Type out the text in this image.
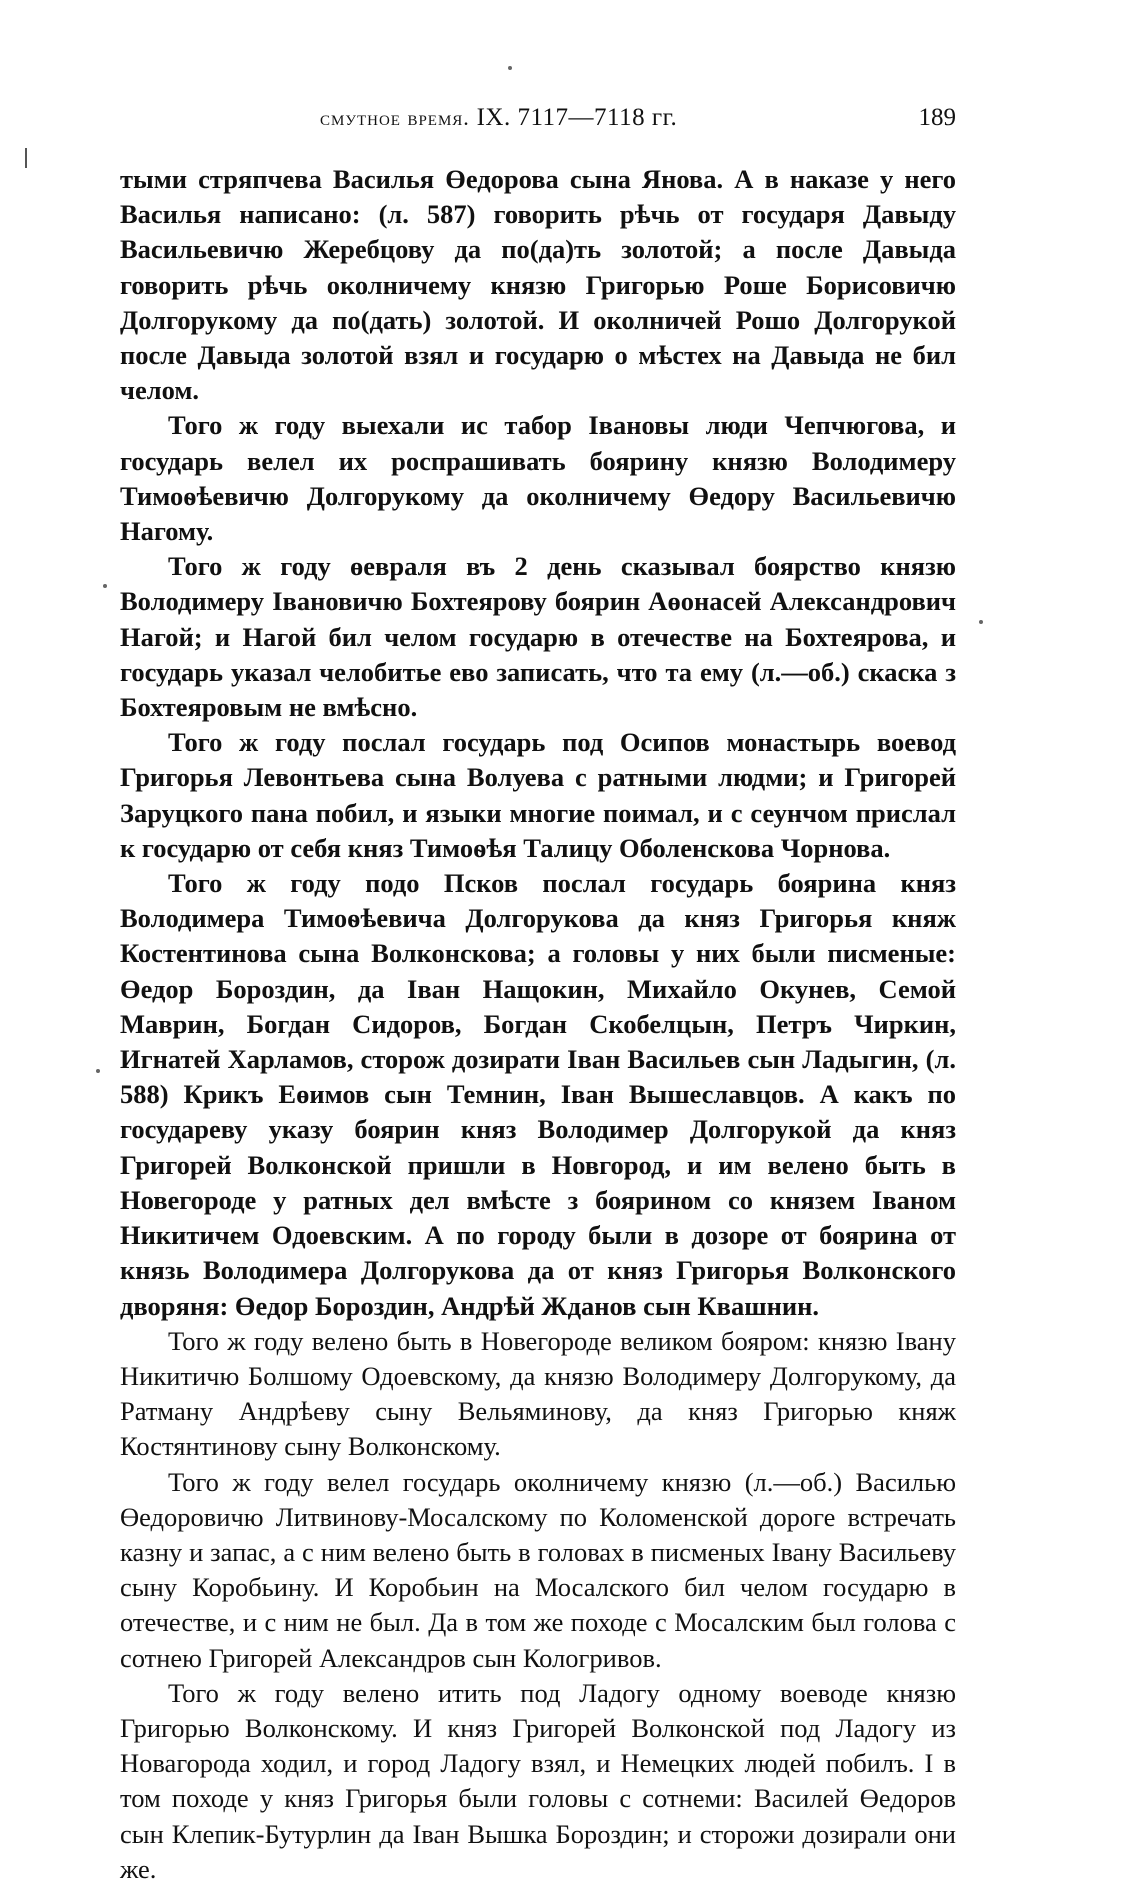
смутное время. IX. 7117—7118 гг.	189

тыми стряпчева Василья Өедорова сына Янова. А в наказе у него Василья написано: (л. 587) говорить рѣчь от государя Давыду Васильевичю Жеребцову да по(да)ть золотой; а после Давыда говорить рѣчь околничему князю Григорью Роше Борисовичю Долгорукому да по(дать) золотой. И околничей Рошо Долгорукой после Давыда золотой взял и государю о мѣстех на Давыда не бил челом.

Того ж году выехали ис табор Івановы люди Чепчюгова, и государь велел их роспрашивать боярину князю Володимеру Тимоѳѣевичю Долгорукому да околничему Өедору Васильевичю Нагому.

Того ж году өевраля въ 2 день сказывал боярство князю Володимеру Івановичю Бохтеярову боярин Аөонасей Александрович Нагой; и Нагой бил челом государю в отечестве на Бохтеярова, и государь указал челобитье ево записать, что та ему (л.—об.) скаска з Бохтеяровым не вмѣсно.

Того ж году послал государь под Осипов монастырь воевод Григорья Левонтьева сына Волуева с ратными людми; и Григорей Заруцкого пана побил, и языки многие поимал, и с сеунчом прислал к государю от себя княз Тимоѳѣя Талицу Оболенскова Чорнова.

Того ж году подо Псков послал государь боярина княз Володимера Тимоѳѣевича Долгорукова да княз Григорья княж Костентинова сына Волконскова; а головы у них были писменые: Өедор Бороздин, да Іван Нащокин, Михайло Окунев, Семой Маврин, Богдан Сидоров, Богдан Скобелцын, Петръ Чиркин, Игнатей Харламов, сторож дозирати Іван Васильев сын Ладыгин, (л. 588) Крикъ Еөимов сын Темнин, Іван Вышеславцов. А какъ по государеву указу боярин княз Володимер Долгорукой да княз Григорей Волконской пришли в Новгород, и им велено быть в Новегороде у ратных дел вмѣсте з боярином со князем Іваном Никитичем Одоевским. А по городу были в дозоре от боярина от князь Володимера Долгорукова да от княз Григорья Волконского дворяня: Өедор Бороздин, Андрѣй Жданов сын Квашнин.

Того ж году велено быть в Новегороде великом бояром: князю Івану Никитичю Болшому Одоевскому, да князю Володимеру Долгорукому, да Ратману Андрѣеву сыну Вельяминову, да княз Григорью княж Костянтинову сыну Волконскому.

Того ж году велел государь околничему князю (л.—об.) Василью Өедоровичю Литвинову-Мосалскому по Коломенской дороге встречать казну и запас, а с ним велено быть в головах в писменых Івану Васильеву сыну Коробьину. И Коробьин на Мосалского бил челом государю в отечестве, и с ним не был. Да в том же походе с Мосалским был голова с сотнею Григорей Александров сын Кологривов.

Того ж году велено итить под Ладогу одному воеводе князю Григорью Волконскому. И княз Григорей Волконской под Ладогу из Новагорода ходил, и город Ладогу взял, и Немецких людей побилъ. І в том походе у княз Григорья были головы с сотнеми: Василей Өедоров сын Клепик-Бутурлин да Іван Вышка Бороздин; и сторожи дозирали они же.
